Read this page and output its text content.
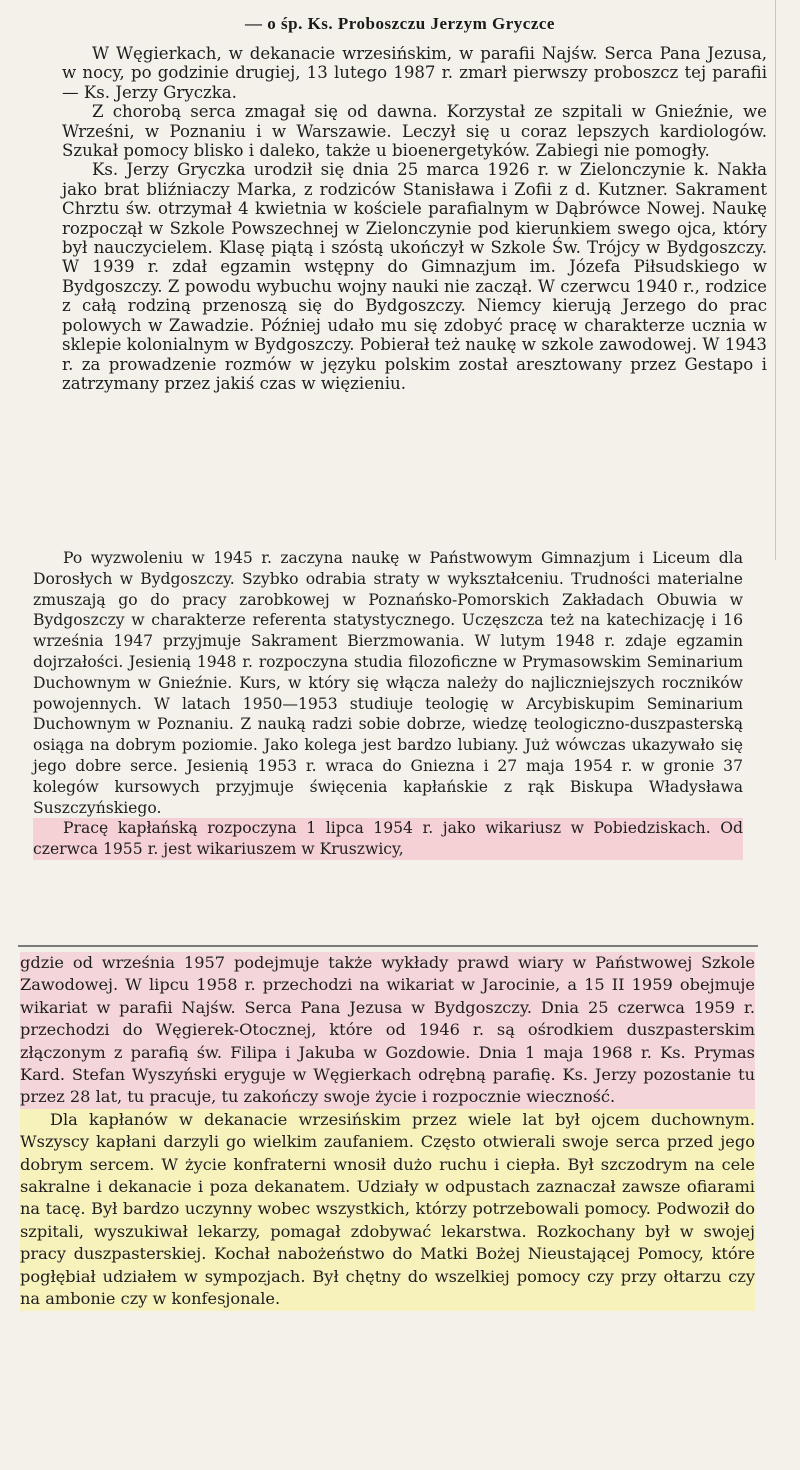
— o śp. Ks. Proboszczu Jerzym Gryczce

W Węgierkach, w dekanacie wrzesińskim, w parafii Najśw. Serca Pana Jezusa, w nocy, po godzinie drugiej, 13 lutego 1987 r. zmarł pierwszy proboszcz tej parafii — Ks. Jerzy Gryczka.

Z chorobą serca zmagał się od dawna. Korzystał ze szpitali w Gnieźnie, we Wrześni, w Poznaniu i w Warszawie. Leczył się u coraz lepszych kardiologów. Szukał pomocy blisko i daleko, także u bioenergetyków. Zabiegi nie pomogły.

Ks. Jerzy Gryczka urodził się dnia 25 marca 1926 r. w Zielonczynie k. Nakła jako brat bliźniaczy Marka, z rodziców Stanisława i Zofii z d. Kutzner. Sakrament Chrztu św. otrzymał 4 kwietnia w kościele parafialnym w Dąbrówce Nowej. Naukę rozpoczął w Szkole Powszechnej w Zielonczynie pod kierunkiem swego ojca, który był nauczycielem. Klasę piątą i szóstą ukończył w Szkole Św. Trójcy w Bydgoszczy. W 1939 r. zdał egzamin wstępny do Gimnazjum im. Józefa Piłsudskiego w Bydgoszczy. Z powodu wybuchu wojny nauki nie zaczął. W czerwcu 1940 r., rodzice z całą rodziną przenoszą się do Bydgoszczy. Niemcy kierują Jerzego do prac polowych w Zawadzie. Później udało mu się zdobyć pracę w charakterze ucznia w sklepie kolonialnym w Bydgoszczy. Pobierał też naukę w szkole zawodowej. W 1943 r. za prowadzenie rozmów w języku polskim został aresztowany przez Gestapo i zatrzymany przez jakiś czas w więzieniu.

Po wyzwoleniu w 1945 r. zaczyna naukę w Państwowym Gimnazjum i Liceum dla Dorosłych w Bydgoszczy. Szybko odrabia straty w wykształceniu. Trudności materialne zmuszają go do pracy zarobkowej w Poznańsko-Pomorskich Zakładach Obuwia w Bydgoszczy w charakterze referenta statystycznego. Uczęszcza też na katechizację i 16 września 1947 przyjmuje Sakrament Bierzmowania. W lutym 1948 r. zdaje egzamin dojrzałości. Jesienią 1948 r. rozpoczyna studia filozoficzne w Prymasowskim Seminarium Duchownym w Gnieźnie. Kurs, w który się włącza należy do najliczniejszych roczników powojennych. W latach 1950—1953 studiuje teologię w Arcybiskupim Seminarium Duchownym w Poznaniu. Z nauką radzi sobie dobrze, wiedzę teologiczno-duszpasterską osiąga na dobrym poziomie. Jako kolega jest bardzo lubiany. Już wówczas ukazywało się jego dobre serce. Jesienią 1953 r. wraca do Gniezna i 27 maja 1954 r. w gronie 37 kolegów kursowych przyjmuje święcenia kapłańskie z rąk Biskupa Władysława Suszczyńskiego.

Pracę kapłańską rozpoczyna 1 lipca 1954 r. jako wikariusz w Pobiedziskach. Od czerwca 1955 r. jest wikariuszem w Kruszwicy,

gdzie od września 1957 podejmuje także wykłady prawd wiary w Państwowej Szkole Zawodowej. W lipcu 1958 r. przechodzi na wikariat w Jarocinie, a 15 II 1959 obejmuje wikariat w parafii Najśw. Serca Pana Jezusa w Bydgoszczy. Dnia 25 czerwca 1959 r. przechodzi do Węgierek-Otocznej, które od 1946 r. są ośrodkiem duszpasterskim złączonym z parafią św. Filipa i Jakuba w Gozdowie. Dnia 1 maja 1968 r. Ks. Prymas Kard. Stefan Wyszyński eryguje w Węgierkach odrębną parafię. Ks. Jerzy pozostanie tu przez 28 lat, tu pracuje, tu zakończy swoje życie i rozpocznie wieczność.

Dla kapłanów w dekanacie wrzesińskim przez wiele lat był ojcem duchownym. Wszyscy kapłani darzyli go wielkim zaufaniem. Często otwierali swoje serca przed jego dobrym sercem. W życie konfraterni wnosił dużo ruchu i ciepła. Był szczodrym na cele sakralne i dekanacie i poza dekanatem. Udziały w odpustach zaznaczał zawsze ofiarami na tacę. Był bardzo uczynny wobec wszystkich, którzy potrzebowali pomocy. Podwoził do szpitali, wyszukiwał lekarzy, pomagał zdobywać lekarstwa. Rozkochany był w swojej pracy duszpasterskiej. Kochał nabożeństwo do Matki Bożej Nieustającej Pomocy, które pogłębiał udziałem w sympozjach. Był chętny do wszelkiej pomocy czy przy ołtarzu czy na ambonie czy w konfesjonale.
